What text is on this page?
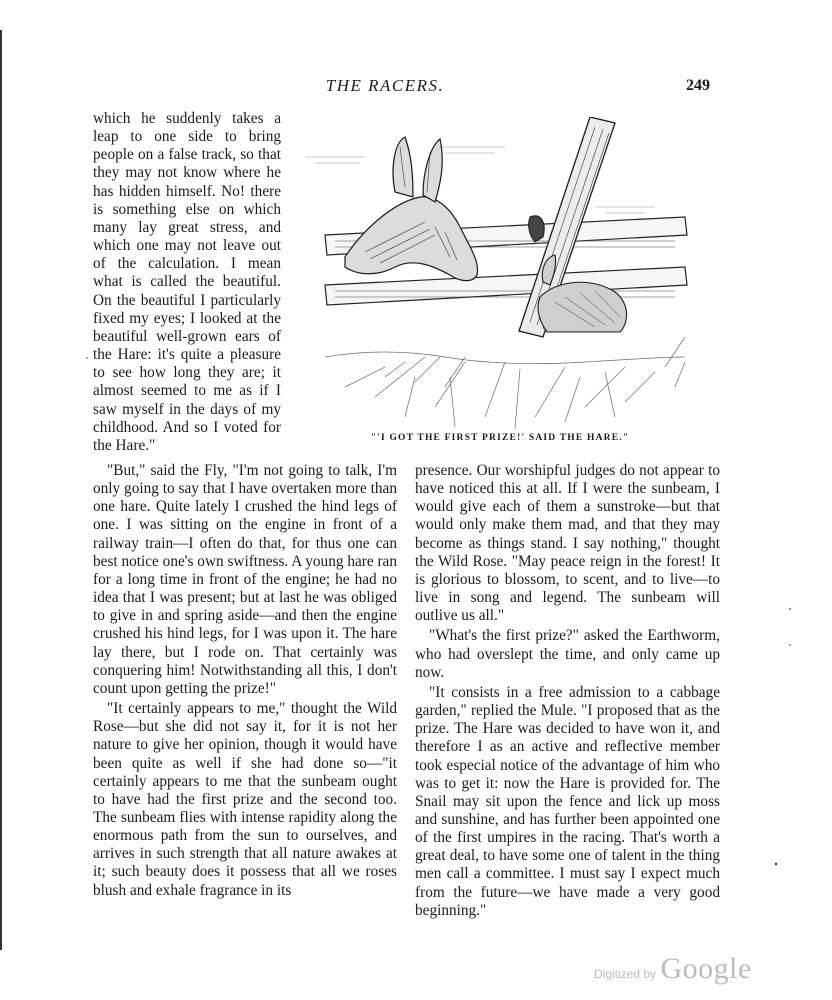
THE RACERS.	249

which he suddenly takes a leap to one side to bring people on a false track, so that they may not know where he has hidden himself. No! there is something else on which many lay great stress, and which one may not leave out of the calculation. I mean what is called the beautiful. On the beautiful I particularly fixed my eyes; I looked at the beautiful well-grown ears of the Hare: it's quite a pleasure to see how long they are; it almost seemed to me as if I saw myself in the days of my childhood. And so I voted for the Hare."	"'I GOT THE FIRST PRIZE!' SAID THE HARE."

"But," said the Fly, "I'm not going to talk, I'm only going to say that I have overtaken more than one hare. Quite lately I crushed the hind legs of one. I was sitting on the engine in front of a railway train—I often do that, for thus one can best notice one's own swiftness. A young hare ran for a long time in front of the engine; he had no idea that I was present; but at last he was obliged to give in and spring aside—and then the engine crushed his hind legs, for I was upon it. The hare lay there, but I rode on. That certainly was conquering him! Notwithstanding all this, I don't count upon getting the prize!"

"It certainly appears to me," thought the Wild Rose—but she did not say it, for it is not her nature to give her opinion, though it would have been quite as well if she had done so—"it certainly appears to me that the sunbeam ought to have had the first prize and the second too. The sunbeam flies with intense rapidity along the enormous path from the sun to ourselves, and arrives in such strength that all nature awakes at it; such beauty does it possess that all we roses blush and exhale fragrance in its

presence. Our worshipful judges do not appear to have noticed this at all. If I were the sunbeam, I would give each of them a sunstroke—but that would only make them mad, and that they may become as things stand. I say nothing," thought the Wild Rose. "May peace reign in the forest! It is glorious to blossom, to scent, and to live—to live in song and legend. The sunbeam will outlive us all."

"What's the first prize?" asked the Earthworm, who had overslept the time, and only came up now.

"It consists in a free admission to a cabbage garden," replied the Mule. "I proposed that as the prize. The Hare was decided to have won it, and therefore I as an active and reflective member took especial notice of the advantage of him who was to get it: now the Hare is provided for. The Snail may sit upon the fence and lick up moss and sunshine, and has further been appointed one of the first umpires in the racing. That's worth a great deal, to have some one of talent in the thing men call a committee. I must say I expect much from the future—we have made a very good beginning."

Digitized by Google
